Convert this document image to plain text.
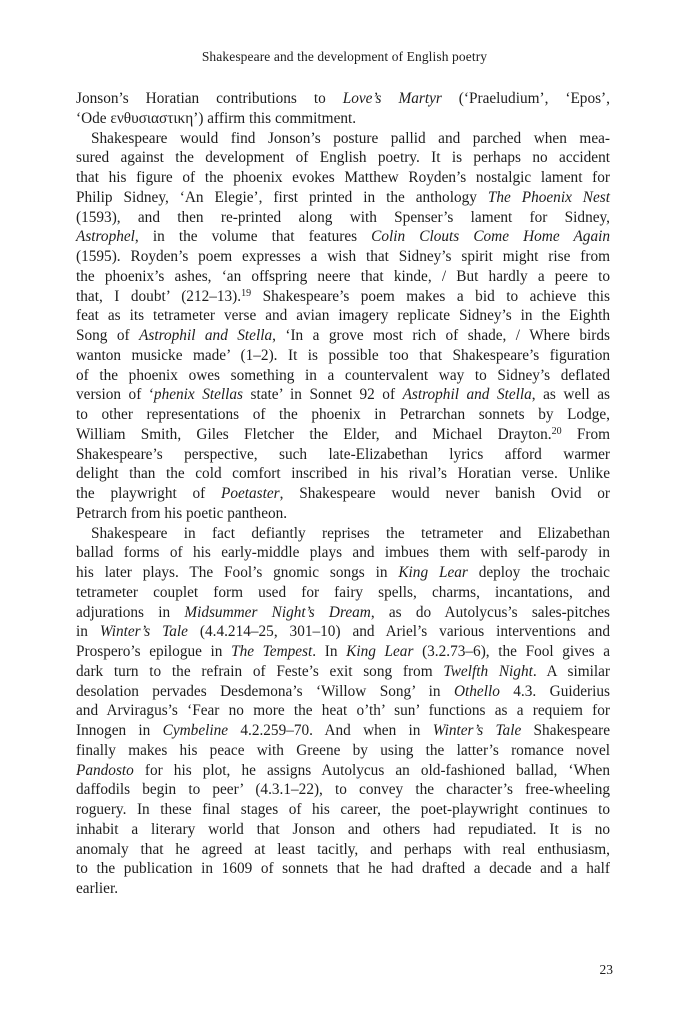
Shakespeare and the development of English poetry

Jonson’s Horatian contributions to Love’s Martyr (‘Praeludium’, ‘Epos’,
‘Ode ενθυσιαστικη’) affirm this commitment.

Shakespeare would find Jonson’s posture pallid and parched when mea-
sured against the development of English poetry. It is perhaps no accident
that his figure of the phoenix evokes Matthew Royden’s nostalgic lament for
Philip Sidney, ‘An Elegie’, first printed in the anthology The Phoenix Nest
(1593), and then re-printed along with Spenser’s lament for Sidney,
Astrophel, in the volume that features Colin Clouts Come Home Again
(1595). Royden’s poem expresses a wish that Sidney’s spirit might rise from
the phoenix’s ashes, ‘an offspring neere that kinde, / But hardly a peere to
that, I doubt’ (212–13).$^{19}$ Shakespeare’s poem makes a bid to achieve this
feat as its tetrameter verse and avian imagery replicate Sidney’s in the Eighth
Song of Astrophil and Stella, ‘In a grove most rich of shade, / Where birds
wanton musicke made’ (1–2). It is possible too that Shakespeare’s figuration
of the phoenix owes something in a countervalent way to Sidney’s deflated
version of ‘phenix Stellas state’ in Sonnet 92 of Astrophil and Stella, as well as
to other representations of the phoenix in Petrarchan sonnets by Lodge,
William Smith, Giles Fletcher the Elder, and Michael Drayton.$^{20}$ From
Shakespeare’s perspective, such late-Elizabethan lyrics afford warmer
delight than the cold comfort inscribed in his rival’s Horatian verse. Unlike
the playwright of Poetaster, Shakespeare would never banish Ovid or
Petrarch from his poetic pantheon.

Shakespeare in fact defiantly reprises the tetrameter and Elizabethan
ballad forms of his early-middle plays and imbues them with self-parody in
his later plays. The Fool’s gnomic songs in King Lear deploy the trochaic
tetrameter couplet form used for fairy spells, charms, incantations, and
adjurations in Midsummer Night’s Dream, as do Autolycus’s sales-pitches
in Winter’s Tale (4.4.214–25, 301–10) and Ariel’s various interventions and
Prospero’s epilogue in The Tempest. In King Lear (3.2.73–6), the Fool gives a
dark turn to the refrain of Feste’s exit song from Twelfth Night. A similar
desolation pervades Desdemona’s ‘Willow Song’ in Othello 4.3. Guiderius
and Arviragus’s ‘Fear no more the heat o’th’ sun’ functions as a requiem for
Innogen in Cymbeline 4.2.259–70. And when in Winter’s Tale Shakespeare
finally makes his peace with Greene by using the latter’s romance novel
Pandosto for his plot, he assigns Autolycus an old-fashioned ballad, ‘When
daffodils begin to peer’ (4.3.1–22), to convey the character’s free-wheeling
roguery. In these final stages of his career, the poet-playwright continues to
inhabit a literary world that Jonson and others had repudiated. It is no
anomaly that he agreed at least tacitly, and perhaps with real enthusiasm,
to the publication in 1609 of sonnets that he had drafted a decade and a half
earlier.

23
